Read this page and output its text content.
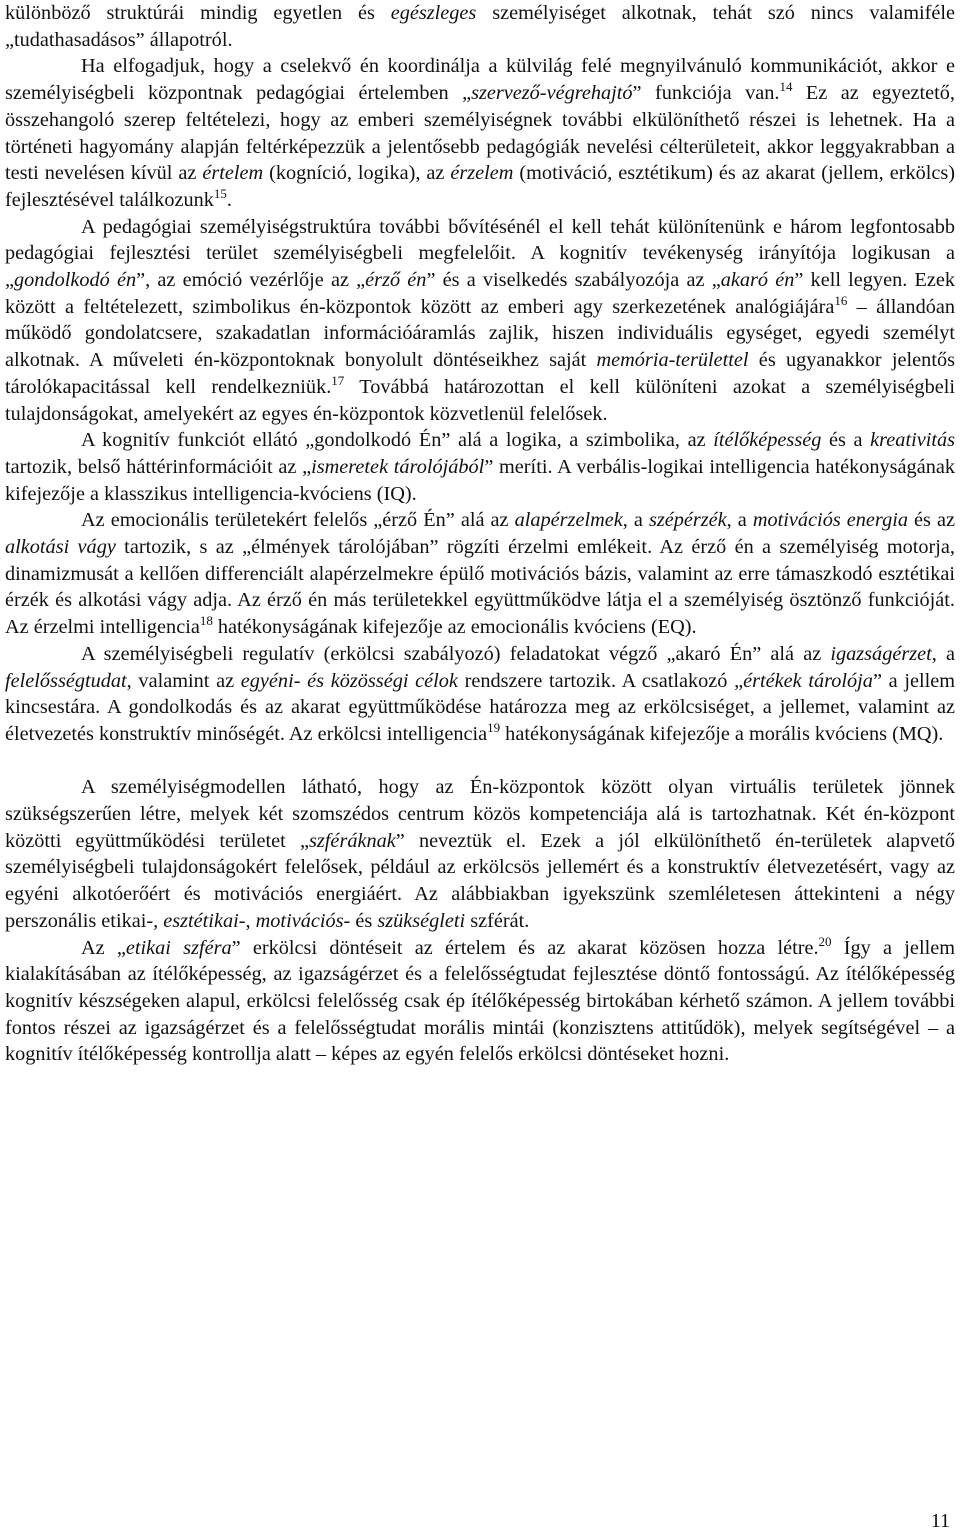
különböző struktúrái mindig egyetlen és egészleges személyiséget alkotnak, tehát szó nincs valamiféle „tudathasadásos” állapotról.

Ha elfogadjuk, hogy a cselekvő én koordinálja a külvilág felé megnyilvánuló kommunikációt, akkor e személyiségbeli központnak pedagógiai értelemben „szervező-végrehajtó” funkciója van.$^{14}$ Ez az egyeztető, összehangoló szerep feltételezi, hogy az emberi személyiségnek további elkülöníthető részei is lehetnek. Ha a történeti hagyomány alapján feltérképezzük a jelentősebb pedagógiák nevelési célterületeit, akkor leggyakrabban a testi nevelésen kívül az értelem (kogníció, logika), az érzelem (motiváció, esztétikum) és az akarat (jellem, erkölcs) fejlesztésével találkozunk$^{15}$.

A pedagógiai személyiségstruktúra további bővítésénél el kell tehát különítenünk e három legfontosabb pedagógiai fejlesztési terület személyiségbeli megfelelőit. A kognitív tevékenység irányítója logikusan a „gondolkodó én”, az emóció vezérlője az „érző én” és a viselkedés szabályozója az „akaró én” kell legyen. Ezek között a feltételezett, szimbolikus én-központok között az emberi agy szerkezetének analógiájára$^{16}$ – állandóan működő gondolatcsere, szakadatlan információáramlás zajlik, hiszen individuális egységet, egyedi személyt alkotnak. A műveleti én-központoknak bonyolult döntéseikhez saját memória-területtel és ugyanakkor jelentős tárolókapacitással kell rendelkezniük.$^{17}$ Továbbá határozottan el kell különíteni azokat a személyiségbeli tulajdonságokat, amelyekért az egyes én-központok közvetlenül felelősek.

A kognitív funkciót ellátó „gondolkodó Én” alá a logika, a szimbolika, az ítélőképesség és a kreativitás tartozik, belső háttérinformációit az „ismeretek tárolójából” meríti. A verbális-logikai intelligencia hatékonyságának kifejezője a klasszikus intelligencia-kvóciens (IQ).

Az emocionális területekért felelős „érző Én” alá az alapérzelmek, a szépérzék, a motivációs energia és az alkotási vágy tartozik, s az „élmények tárolójában” rögzíti érzelmi emlékeit. Az érző én a személyiség motorja, dinamizmusát a kellően differenciált alapérzelmekre épülő motivációs bázis, valamint az erre támaszkodó esztétikai érzék és alkotási vágy adja. Az érző én más területekkel együttműködve látja el a személyiség ösztönző funkcióját. Az érzelmi intelligencia$^{18}$ hatékonyságának kifejezője az emocionális kvóciens (EQ).

A személyiségbeli regulatív (erkölcsi szabályozó) feladatokat végző „akaró Én” alá az igazságérzet, a felelősségtudat, valamint az egyéni- és közösségi célok rendszere tartozik. A csatlakozó „értékek tárolója” a jellem kincsestára. A gondolkodás és az akarat együttműködése határozza meg az erkölcsiséget, a jellemet, valamint az életvezetés konstruktív minőségét. Az erkölcsi intelligencia$^{19}$ hatékonyságának kifejezője a morális kvóciens (MQ).

A személyiségmodellen látható, hogy az Én-központok között olyan virtuális területek jönnek szükségszerűen létre, melyek két szomszédos centrum közös kompetenciája alá is tartozhatnak. Két én-központ közötti együttműködési területet „szféráknak” neveztük el. Ezek a jól elkülöníthető én-területek alapvető személyiségbeli tulajdonságokért felelősek, például az erkölcsös jellemért és a konstruktív életvezetésért, vagy az egyéni alkotóerőért és motivációs energiáért. Az alábbiakban igyekszünk szemléletesen áttekinteni a négy perszonális etikai-, esztétikai-, motivációs- és szükségleti szférát.

Az „etikai szféra” erkölcsi döntéseit az értelem és az akarat közösen hozza létre.$^{20}$ Így a jellem kialakításában az ítélőképesség, az igazságérzet és a felelősségtudat fejlesztése döntő fontosságú. Az ítélőképesség kognitív készségeken alapul, erkölcsi felelősség csak ép ítélőképesség birtokában kérhető számon. A jellem további fontos részei az igazságérzet és a felelősségtudat morális mintái (konzisztens attitűdök), melyek segítségével – a kognitív ítélőképesség kontrollja alatt – képes az egyén felelős erkölcsi döntéseket hozni.

11
